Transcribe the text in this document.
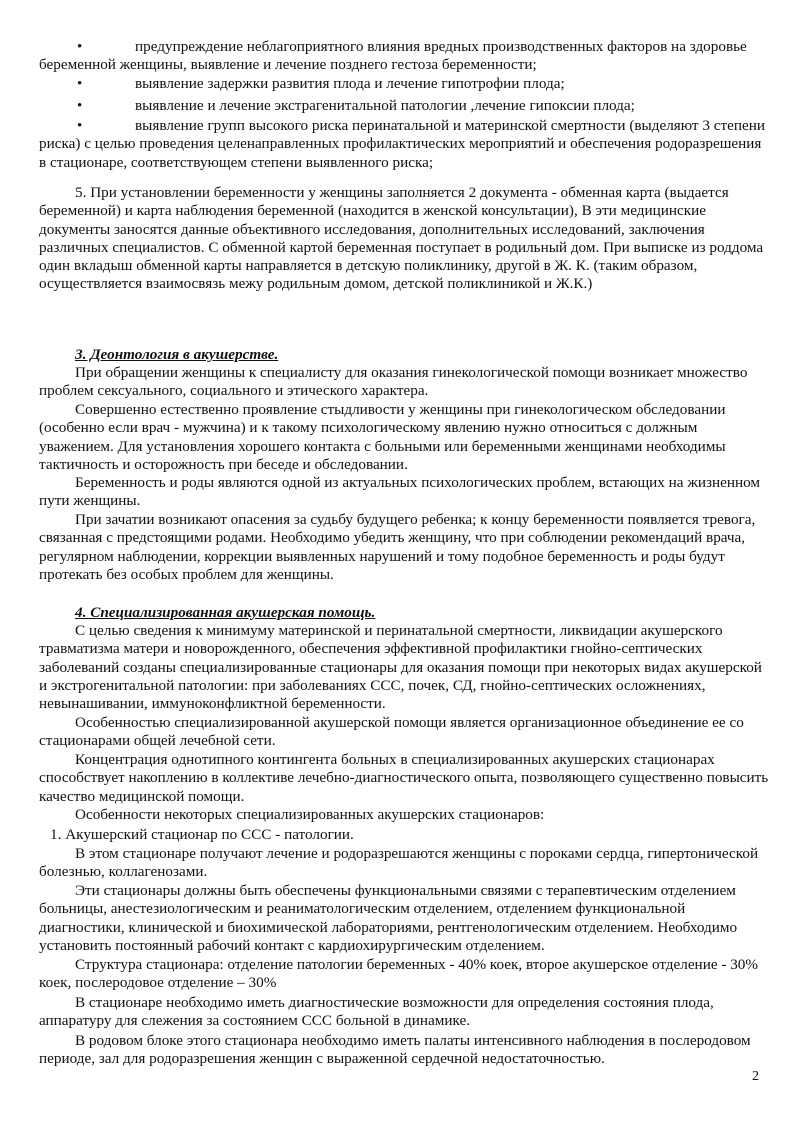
•	предупреждение неблагоприятного влияния вредных производственных факторов на здоровье беременной женщины, выявление и лечение позднего гестоза беременности;
•	выявление задержки развития плода и лечение гипотрофии плода;
•	выявление и лечение экстрагенитальной патологии ,лечение гипоксии плода;
•	выявление групп высокого риска перинатальной и материнской смертности (выделяют 3 степени риска) с целью проведения целенаправленных профилактических мероприятий и обеспечения родоразрешения в стационаре, соответствующем степени выявленного риска;

5. При установлении беременности у женщины заполняется 2 документа - обменная карта (выдается беременной) и карта наблюдения беременной (находится в женской консультации), В эти медицинские документы заносятся данные объективного исследования, дополнительных исследований, заключения различных специалистов. С обменной картой беременная поступает в родильный дом. При выписке из роддома один вкладыш обменной карты направляется в детскую поликлинику, другой в Ж. К. (таким образом, осуществляется взаимосвязь межу родильным домом, детской поликлиникой и Ж.К.)

3. Деонтология в акушерстве.

При обращении женщины к специалисту для оказания гинекологической помощи возникает множество проблем сексуального, социального и этического характера.

Совершенно естественно проявление стыдливости у женщины при гинекологическом обследовании (особенно если врач - мужчина) и к такому психологическому явлению нужно относиться с должным уважением. Для установления хорошего контакта с больными или беременными женщинами необходимы тактичность и осторожность при беседе и обследовании.

Беременность и роды являются одной из актуальных психологических проблем, встающих на жизненном пути женщины.

При зачатии возникают опасения за судьбу будущего ребенка; к концу беременности появляется тревога, связанная с предстоящими родами. Необходимо убедить женщину, что при соблюдении рекомендаций врача, регулярном наблюдении, коррекции выявленных нарушений и тому подобное беременность и роды будут протекать без особых проблем для женщины.

4. Специализированная акушерская помощь.

С целью сведения к минимуму материнской и перинатальной смертности, ликвидации акушерского травматизма матери и новорожденного, обеспечения эффективной профилактики гнойно-септических заболеваний созданы специализированные стационары для оказания помощи при некоторых видах акушерской и экстрогенитальной патологии: при заболеваниях ССС, почек, СД, гнойно-септических осложнениях, невынашивании, иммуноконфликтной беременности.

Особенностью специализированной акушерской помощи является организационное объединение ее со стационарами общей лечебной сети.

Концентрация однотипного контингента больных в специализированных акушерских стационарах способствует накоплению в коллективе лечебно-диагностического опыта, позволяющего существенно повысить качество медицинской помощи.

Особенности некоторых специализированных акушерских стационаров:

1. Акушерский стационар по ССС - патологии.

В этом стационаре получают лечение и родоразрешаются женщины с пороками сердца, гипертонической болезнью, коллагенозами.

Эти стационары должны быть обеспечены функциональными связями с терапевтическим отделением больницы, анестезиологическим и реаниматологическим отделением, отделением функциональной диагностики, клинической и биохимической лабораториями, рентгенологическим отделением. Необходимо установить постоянный рабочий контакт с кардиохирургическим отделением.

Структура стационара: отделение патологии беременных - 40% коек, второе акушерское отделение - 30% коек, послеродовое отделение – 30%

В стационаре необходимо иметь диагностические возможности для определения состояния плода, аппаратуру для слежения за состоянием ССС больной в динамике.

В родовом блоке этого стационара необходимо иметь палаты интенсивного наблюдения в послеродовом периоде, зал для родоразрешения женщин с выраженной сердечной недостаточностью.

2
